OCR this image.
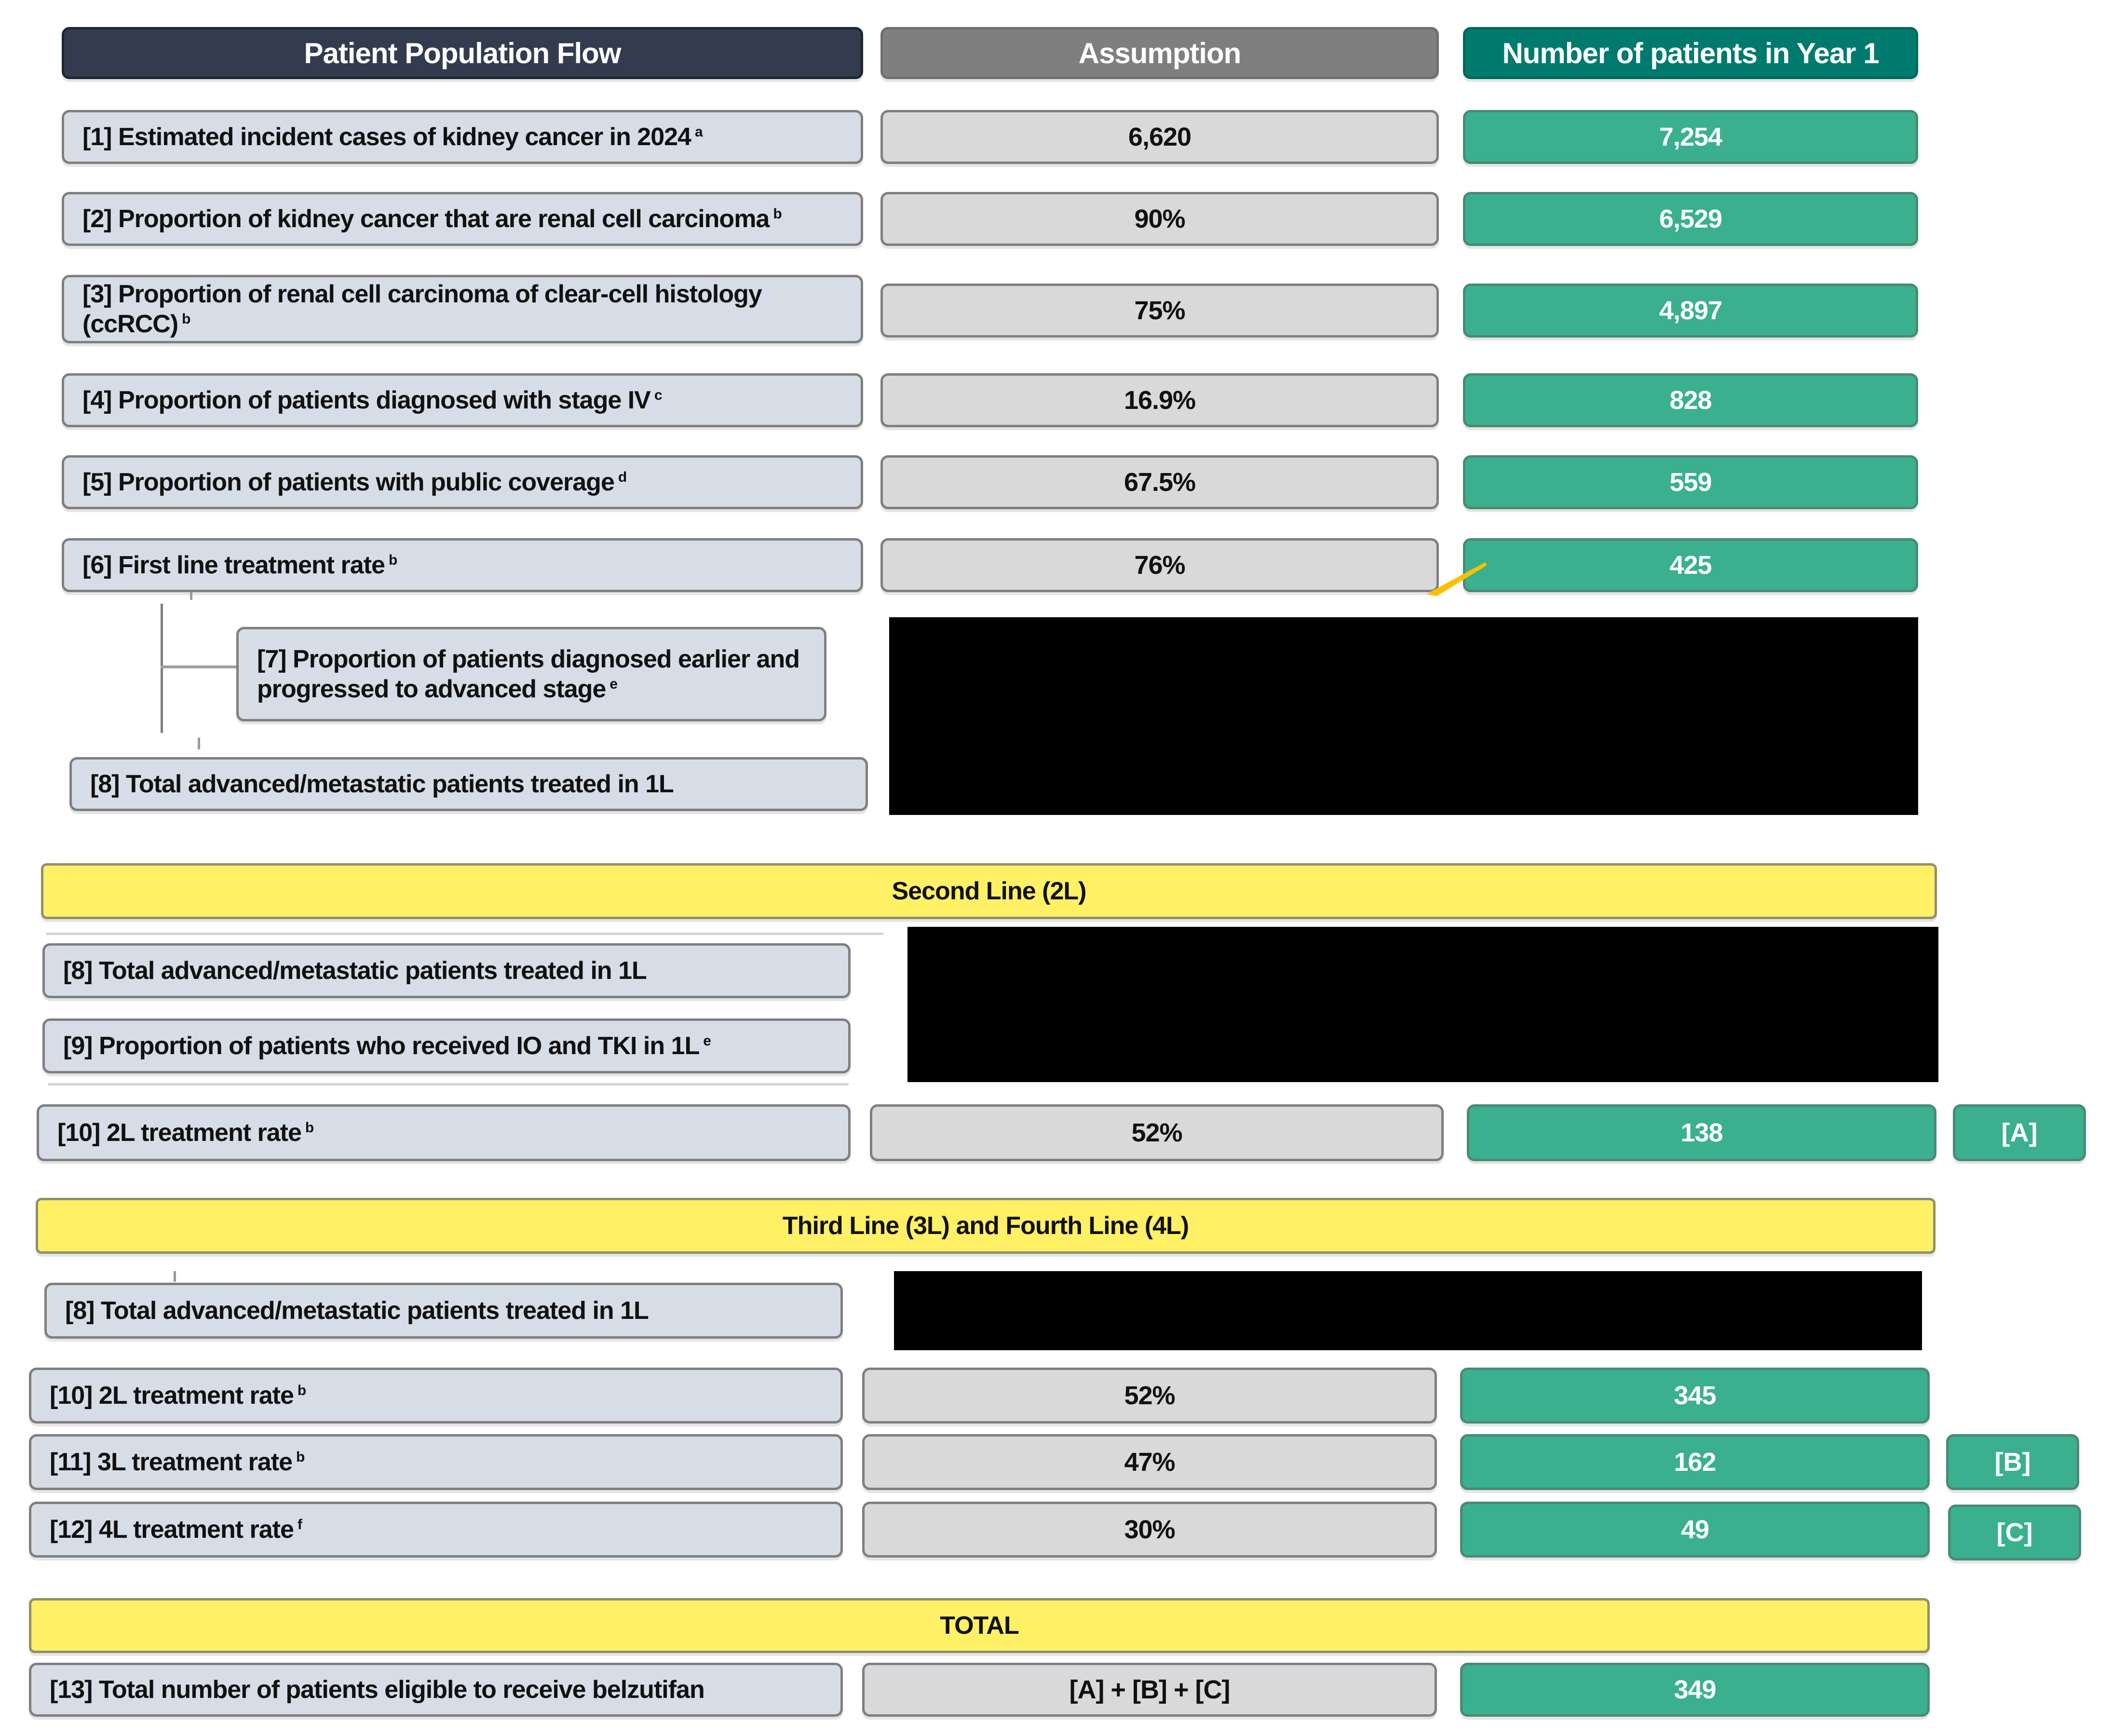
Patient Population Flow	Assumption	Number of patients in Year 1
[1] Estimated incident cases of kidney cancer in 2024 $^a$	6,620	7,254
[2] Proportion of kidney cancer that are renal cell carcinoma $^b$	90%	6,529
[3] Proportion of renal cell carcinoma of clear-cell histology (ccRCC) $^b$	75%	4,897
[4] Proportion of patients diagnosed with stage IV $^c$	16.9%	828
[5] Proportion of patients with public coverage $^d$	67.5%	559
[6] First line treatment rate $^b$	76%	425
[7] Proportion of patients diagnosed earlier and progressed to advanced stage $^e$
[8] Total advanced/metastatic patients treated in 1L
Second Line (2L)
[8] Total advanced/metastatic patients treated in 1L
[9] Proportion of patients who received IO and TKI in 1L $^e$
[10] 2L treatment rate $^b$	52%	138	[A]
Third Line (3L) and Fourth Line (4L)
[8] Total advanced/metastatic patients treated in 1L
[10] 2L treatment rate $^b$	52%	345
[11] 3L treatment rate $^b$	47%	162	[B]
[12] 4L treatment rate $^f$	30%	49	[C]
TOTAL
[13] Total number of patients eligible to receive belzutifan	[A] + [B] + [C]	349
